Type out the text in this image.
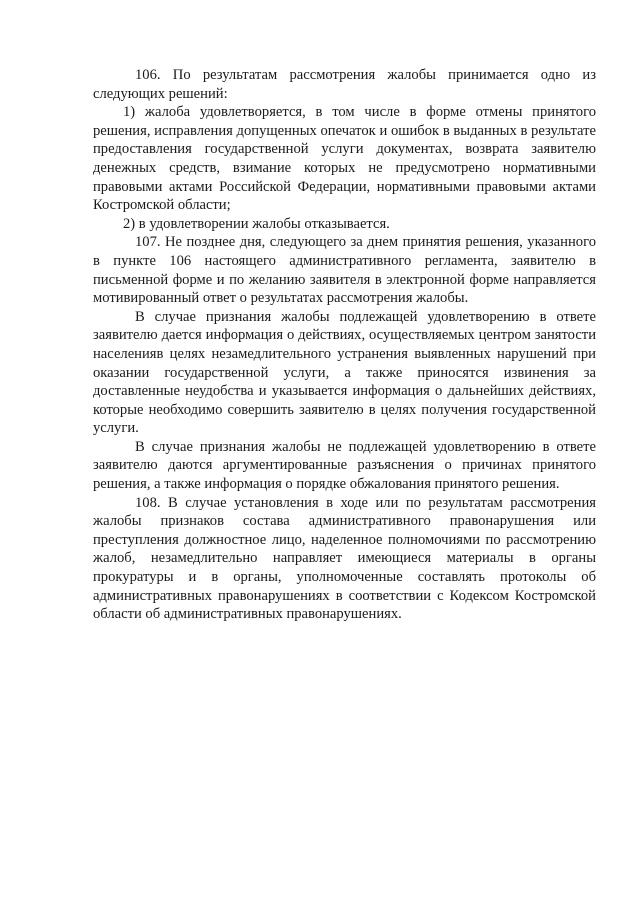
106. По результатам рассмотрения жалобы принимается одно из следующих решений:

1) жалоба удовлетворяется, в том числе в форме отмены принятого решения, исправления допущенных опечаток и ошибок в выданных в результате предоставления государственной услуги документах, возврата заявителю денежных средств, взимание которых не предусмотрено нормативными правовыми актами Российской Федерации, нормативными правовыми актами Костромской области;

2) в удовлетворении жалобы отказывается.

107. Не позднее дня, следующего за днем принятия решения, указанного в пункте 106 настоящего административного регламента, заявителю в письменной форме и по желанию заявителя в электронной форме направляется мотивированный ответ о результатах рассмотрения жалобы.

В случае признания жалобы подлежащей удовлетворению в ответе заявителю дается информация о действиях, осуществляемых центром занятости населенияв целях незамедлительного устранения выявленных нарушений при оказании государственной услуги, а также приносятся извинения за доставленные неудобства и указывается информация о дальнейших действиях, которые необходимо совершить заявителю в целях получения государственной услуги.

В случае признания жалобы не подлежащей удовлетворению в ответе заявителю даются аргументированные разъяснения о причинах принятого решения, а также информация о порядке обжалования принятого решения.

108. В случае установления в ходе или по результатам рассмотрения жалобы признаков состава административного правонарушения или преступления должностное лицо, наделенное полномочиями по рассмотрению жалоб, незамедлительно направляет имеющиеся материалы в органы прокуратуры и в органы, уполномоченные составлять протоколы об административных правонарушениях в соответствии с Кодексом Костромской области об административных правонарушениях.
